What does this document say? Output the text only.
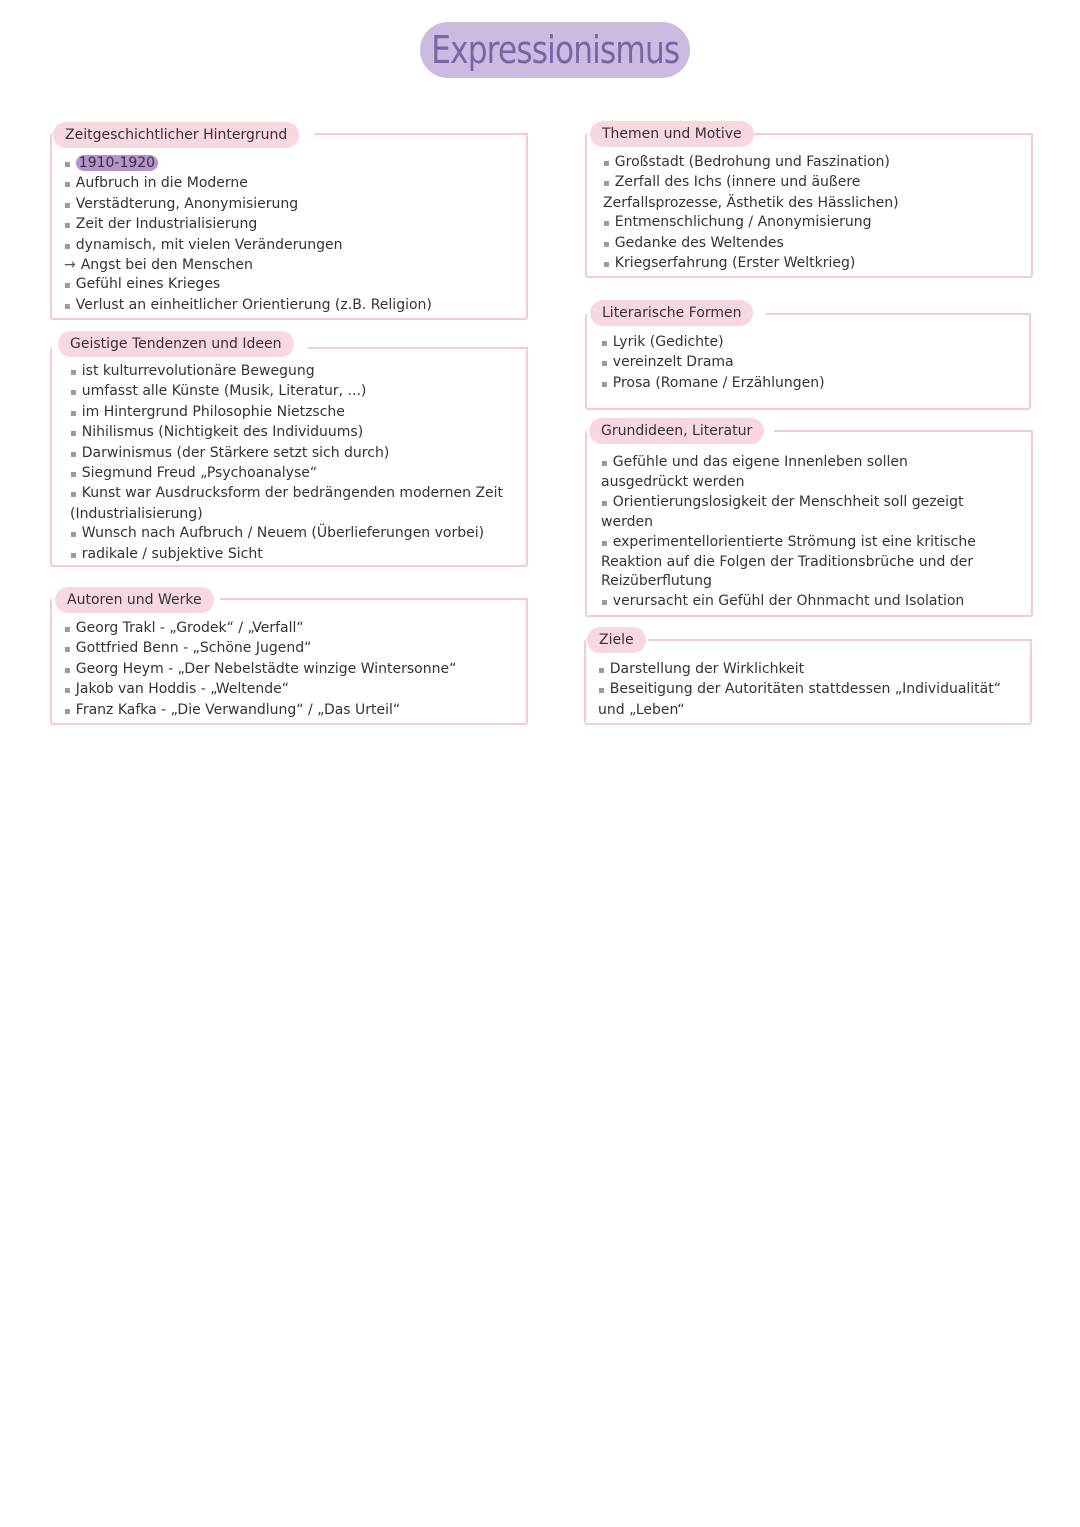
Expressionismus
Zeitgeschichtlicher Hintergrund
▪ 1910-1920
▪ Aufbruch in die Moderne
▪ Verstädterung, Anonymisierung
▪ Zeit der Industrialisierung
▪ dynamisch, mit vielen Veränderungen
→ Angst bei den Menschen
▪ Gefühl eines Krieges
▪ Verlust an einheitlicher Orientierung (z.B. Religion)
Geistige Tendenzen und Ideen
▪ ist kulturrevolutionäre Bewegung
▪ umfasst alle Künste (Musik, Literatur, ...)
▪ im Hintergrund Philosophie Nietzsche
▪ Nihilismus (Nichtigkeit des Individuums)
▪ Darwinismus (der Stärkere setzt sich durch)
▪ Siegmund Freud „Psychoanalyse“
▪ Kunst war Ausdrucksform der bedrängenden modernen Zeit
(Industrialisierung)
▪ Wunsch nach Aufbruch / Neuem (Überlieferungen vorbei)
▪ radikale / subjektive Sicht
Autoren und Werke
▪ Georg Trakl - „Grodek“ / „Verfall“
▪ Gottfried Benn - „Schöne Jugend“
▪ Georg Heym - „Der Nebelstädte winzige Wintersonne“
▪ Jakob van Hoddis - „Weltende“
▪ Franz Kafka - „Die Verwandlung“ / „Das Urteil“
Themen und Motive
▪ Großstadt (Bedrohung und Faszination)
▪ Zerfall des Ichs (innere und äußere
Zerfallsprozesse, Ästhetik des Hässlichen)
▪ Entmenschlichung / Anonymisierung
▪ Gedanke des Weltendes
▪ Kriegserfahrung (Erster Weltkrieg)
Literarische Formen
▪ Lyrik (Gedichte)
▪ vereinzelt Drama
▪ Prosa (Romane / Erzählungen)
Grundideen, Literatur
▪ Gefühle und das eigene Innenleben sollen
ausgedrückt werden
▪ Orientierungslosigkeit der Menschheit soll gezeigt
werden
▪ experimentellorientierte Strömung ist eine kritische
Reaktion auf die Folgen der Traditionsbrüche und der
Reizüberflutung
▪ verursacht ein Gefühl der Ohnmacht und Isolation
Ziele
▪ Darstellung der Wirklichkeit
▪ Beseitigung der Autoritäten stattdessen „Individualität“
und „Leben“
